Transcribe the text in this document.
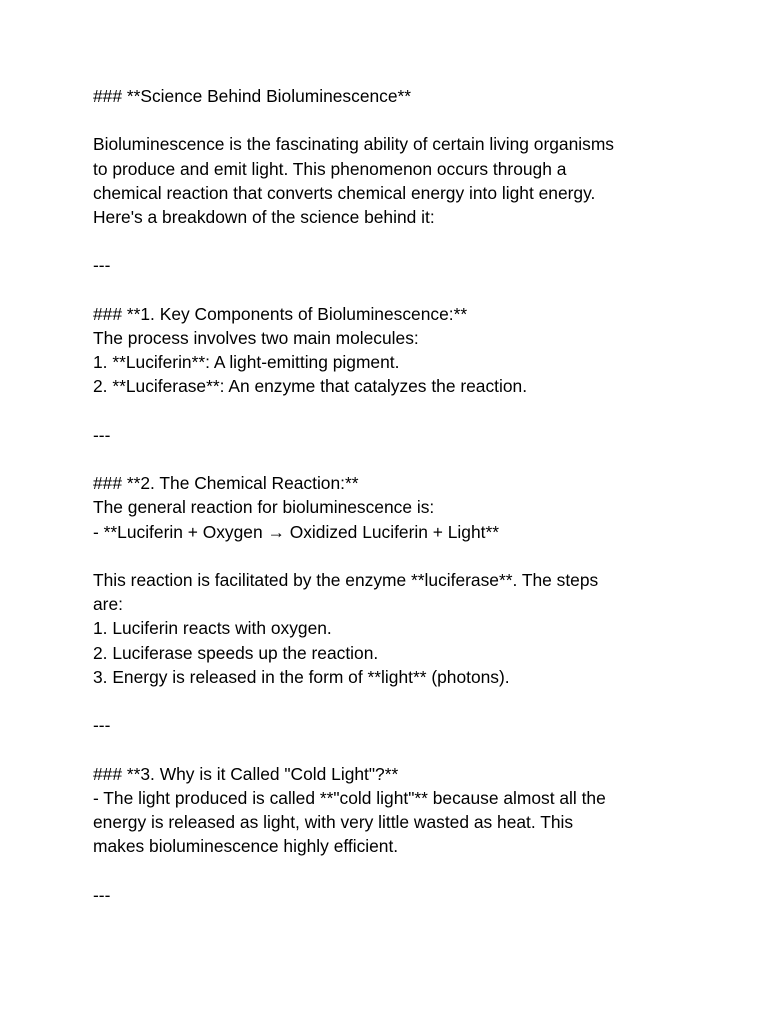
### **Science Behind Bioluminescence**
Bioluminescence is the fascinating ability of certain living organisms
to produce and emit light. This phenomenon occurs through a
chemical reaction that converts chemical energy into light energy.
Here's a breakdown of the science behind it:
---
### **1. Key Components of Bioluminescence:**
The process involves two main molecules:
1. **Luciferin**: A light-emitting pigment.
2. **Luciferase**: An enzyme that catalyzes the reaction.
---
### **2. The Chemical Reaction:**
The general reaction for bioluminescence is:
- **Luciferin + Oxygen → Oxidized Luciferin + Light**
This reaction is facilitated by the enzyme **luciferase**. The steps
are:
1. Luciferin reacts with oxygen.
2. Luciferase speeds up the reaction.
3. Energy is released in the form of **light** (photons).
---
### **3. Why is it Called "Cold Light"?**
- The light produced is called **"cold light"** because almost all the
energy is released as light, with very little wasted as heat. This
makes bioluminescence highly efficient.
---
